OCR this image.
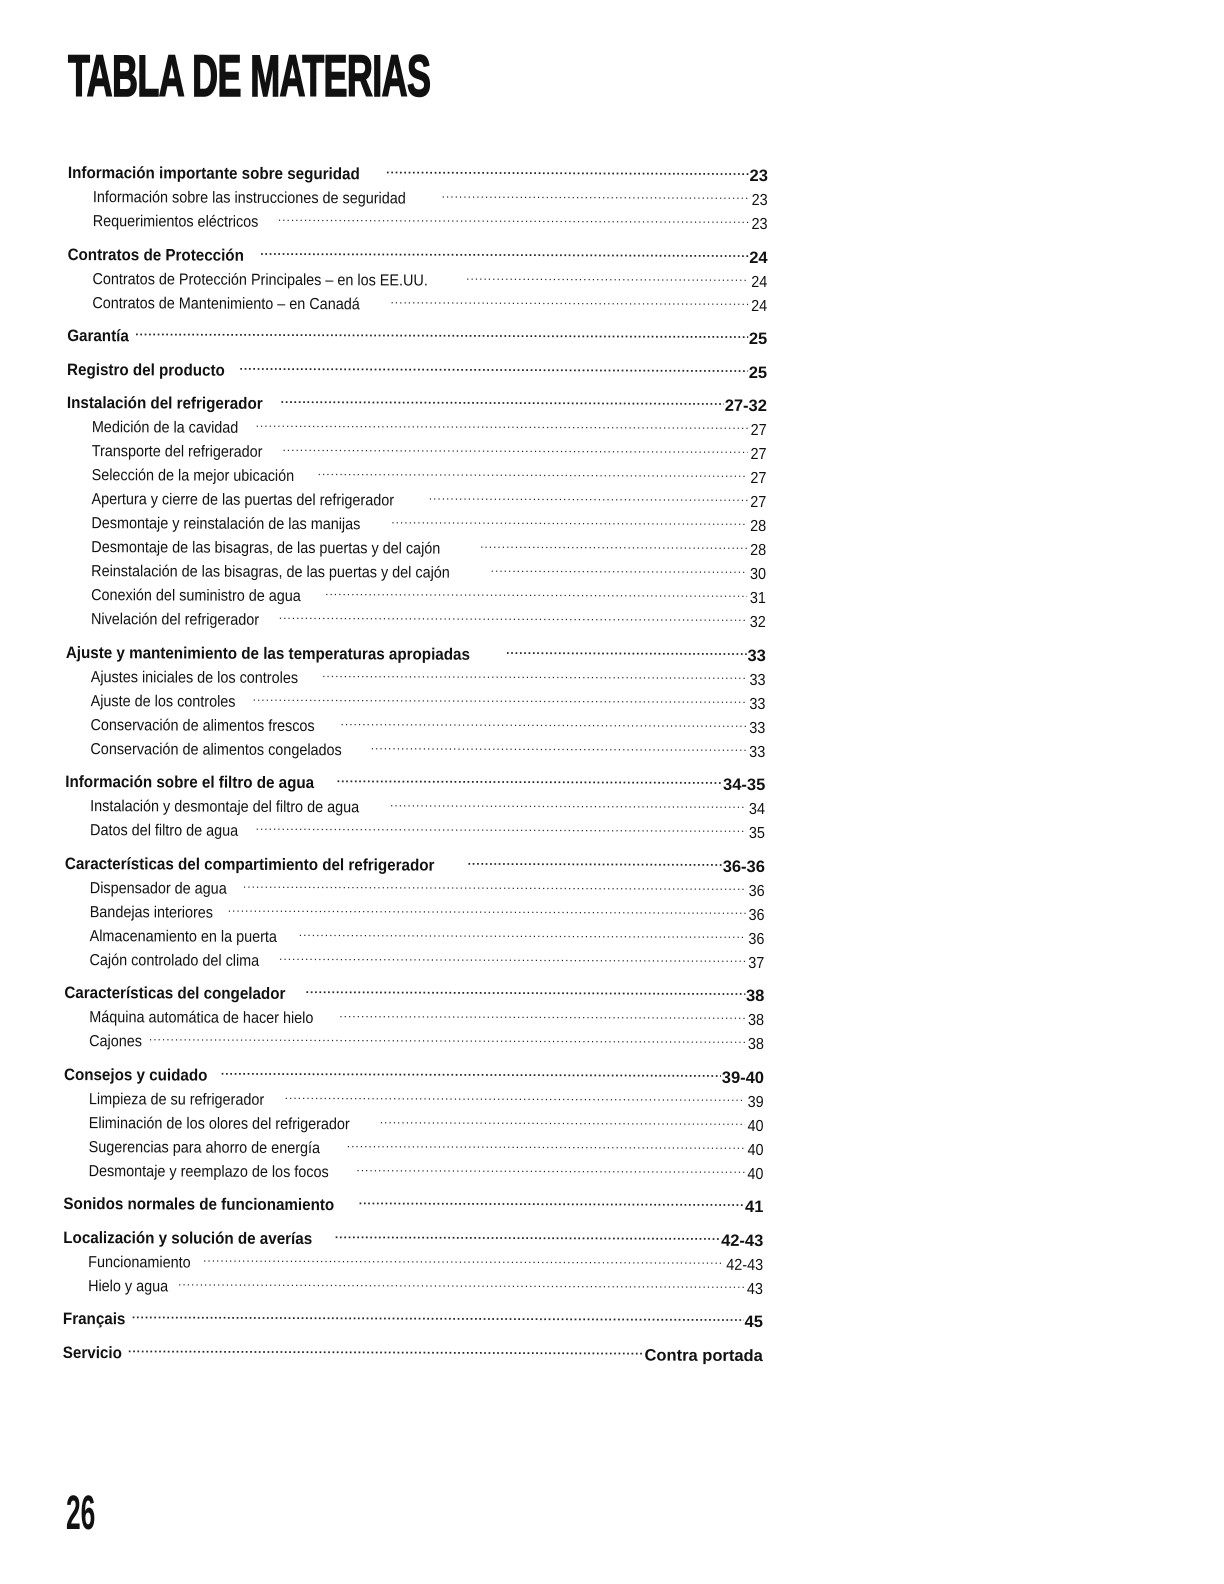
TABLA DE MATERIAS
Información importante sobre seguridad .....	23
Información sobre las instrucciones de seguridad .....	23
Requerimientos eléctricos .....	23
Contratos de Protección .....	24
Contratos de Protección Principales – en los EE.UU. .....	24
Contratos de Mantenimiento – en Canadá .....	24
Garantía .....	25
Registro del producto .....	25
Instalación del refrigerador .....	27-32
Medición de la cavidad .....	27
Transporte del refrigerador .....	27
Selección de la mejor ubicación .....	27
Apertura y cierre de las puertas del refrigerador .....	27
Desmontaje y reinstalación de las manijas .....	28
Desmontaje de las bisagras, de las puertas y del cajón .....	28
Reinstalación de las bisagras, de las puertas y del cajón .....	30
Conexión del suministro de agua .....	31
Nivelación del refrigerador .....	32
Ajuste y mantenimiento de las temperaturas apropiadas .....	33
Ajustes iniciales de los controles .....	33
Ajuste de los controles .....	33
Conservación de alimentos frescos .....	33
Conservación de alimentos congelados .....	33
Información sobre el filtro de agua .....	34-35
Instalación y desmontaje del filtro de agua .....	34
Datos del filtro de agua .....	35
Características del compartimiento del refrigerador .....	36-36
Dispensador de agua .....	36
Bandejas interiores .....	36
Almacenamiento en la puerta .....	36
Cajón controlado del clima .....	37
Características del congelador .....	38
Máquina automática de hacer hielo .....	38
Cajones .....	38
Consejos y cuidado .....	39-40
Limpieza de su refrigerador .....	39
Eliminación de los olores del refrigerador .....	40
Sugerencias para ahorro de energía .....	40
Desmontaje y reemplazo de los focos .....	40
Sonidos normales de funcionamiento .....	41
Localización y solución de averías .....	42-43
Funcionamiento .....	42-43
Hielo y agua .....	43
Français .....	45
Servicio .....	Contra portada
26
